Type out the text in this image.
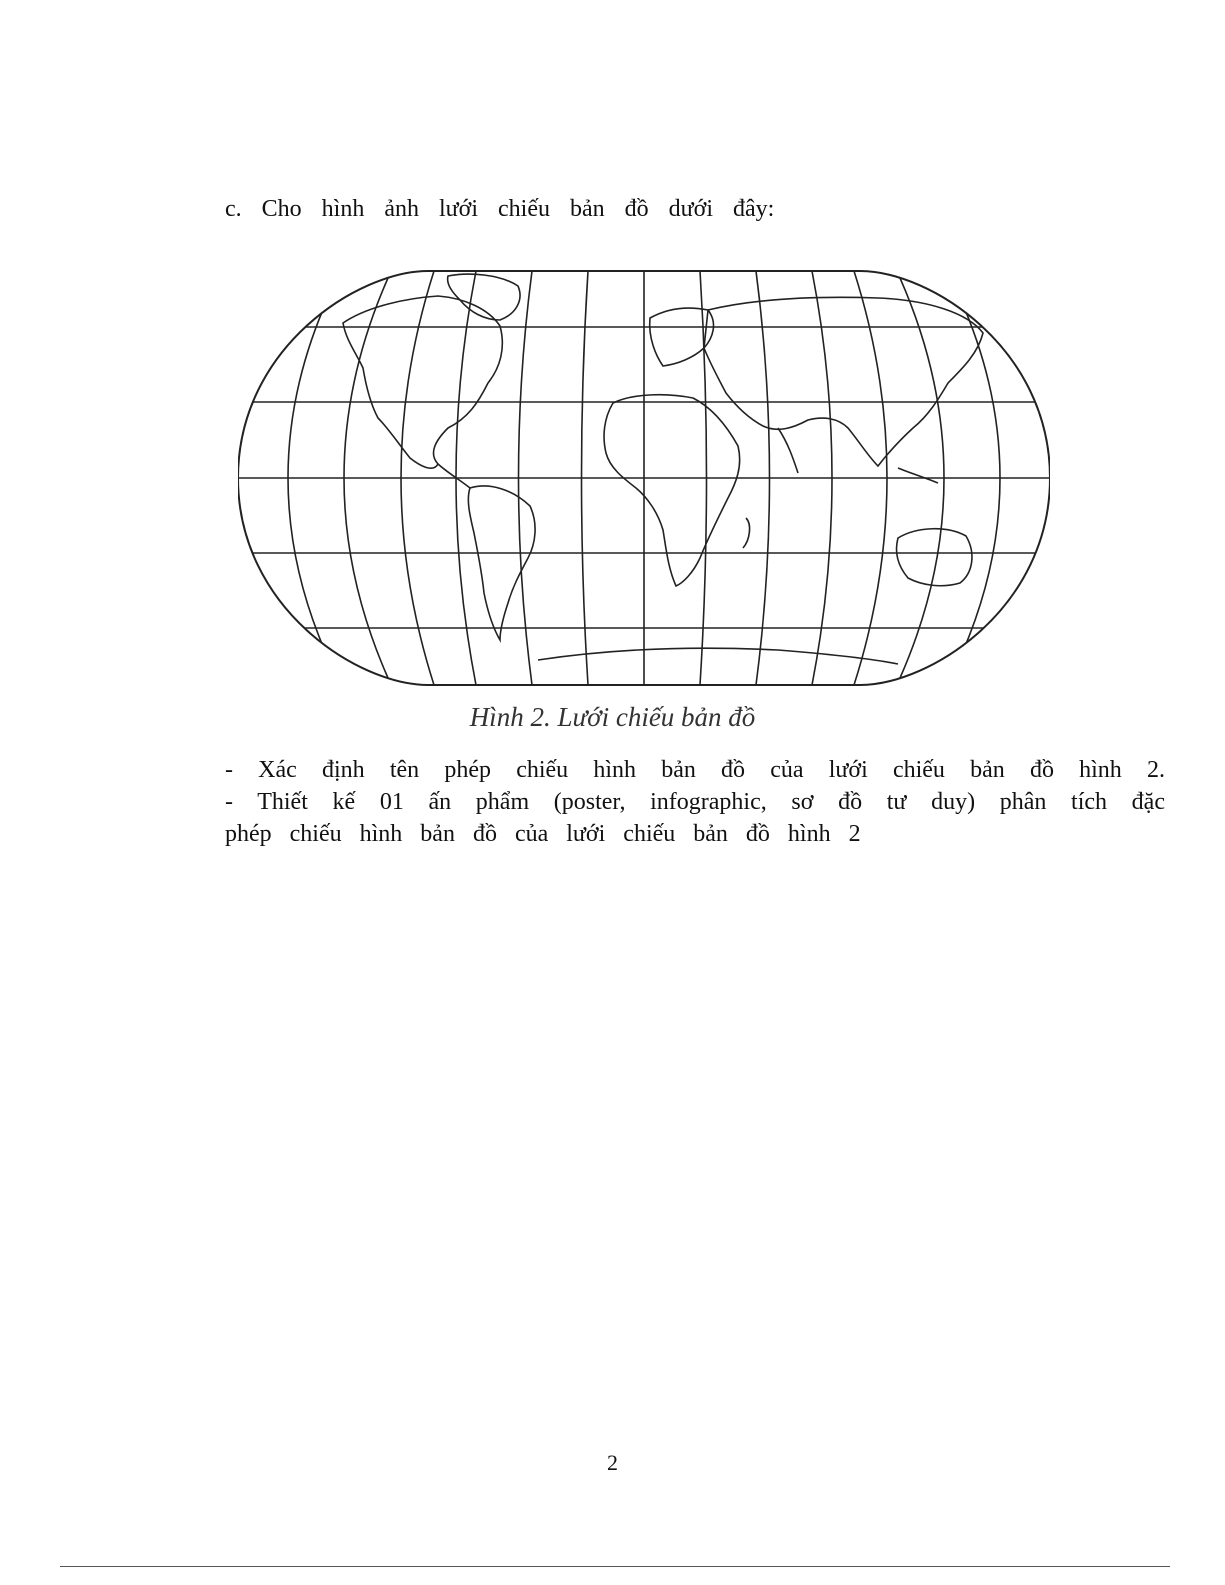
c. Cho hình ảnh lưới chiếu bản đồ dưới đây:
Hình 2. Lưới chiếu bản đồ
- Xác định tên phép chiếu hình bản đồ của lưới chiếu bản đồ hình 2.
- Thiết kế 01 ấn phẩm (poster, infographic, sơ đồ tư duy) phân tích đặc
phép chiếu hình bản đồ của lưới chiếu bản đồ hình 2
2
